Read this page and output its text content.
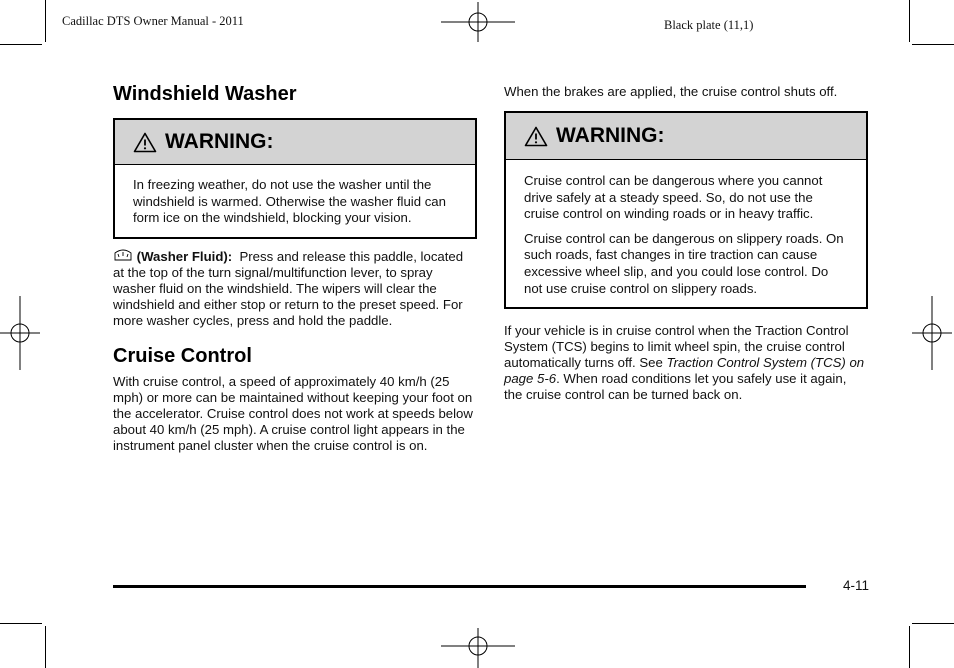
Cadillac DTS Owner Manual - 2011	Black plate (11,1)
Windshield Washer
WARNING:

In freezing weather, do not use the washer until the windshield is warmed. Otherwise the washer fluid can form ice on the windshield, blocking your vision.

(Washer Fluid): Press and release this paddle, located at the top of the turn signal/multifunction lever, to spray washer fluid on the windshield. The wipers will clear the windshield and either stop or return to the preset speed. For more washer cycles, press and hold the paddle.

Cruise Control

With cruise control, a speed of approximately 40 km/h (25 mph) or more can be maintained without keeping your foot on the accelerator. Cruise control does not work at speeds below about 40 km/h (25 mph). A cruise control light appears in the instrument panel cluster when the cruise control is on.

When the brakes are applied, the cruise control shuts off.

WARNING:

Cruise control can be dangerous where you cannot drive safely at a steady speed. So, do not use the cruise control on winding roads or in heavy traffic.

Cruise control can be dangerous on slippery roads. On such roads, fast changes in tire traction can cause excessive wheel slip, and you could lose control. Do not use cruise control on slippery roads.

If your vehicle is in cruise control when the Traction Control System (TCS) begins to limit wheel spin, the cruise control automatically turns off. See Traction Control System (TCS) on page 5‑6. When road conditions let you safely use it again, the cruise control can be turned back on.

4-11
